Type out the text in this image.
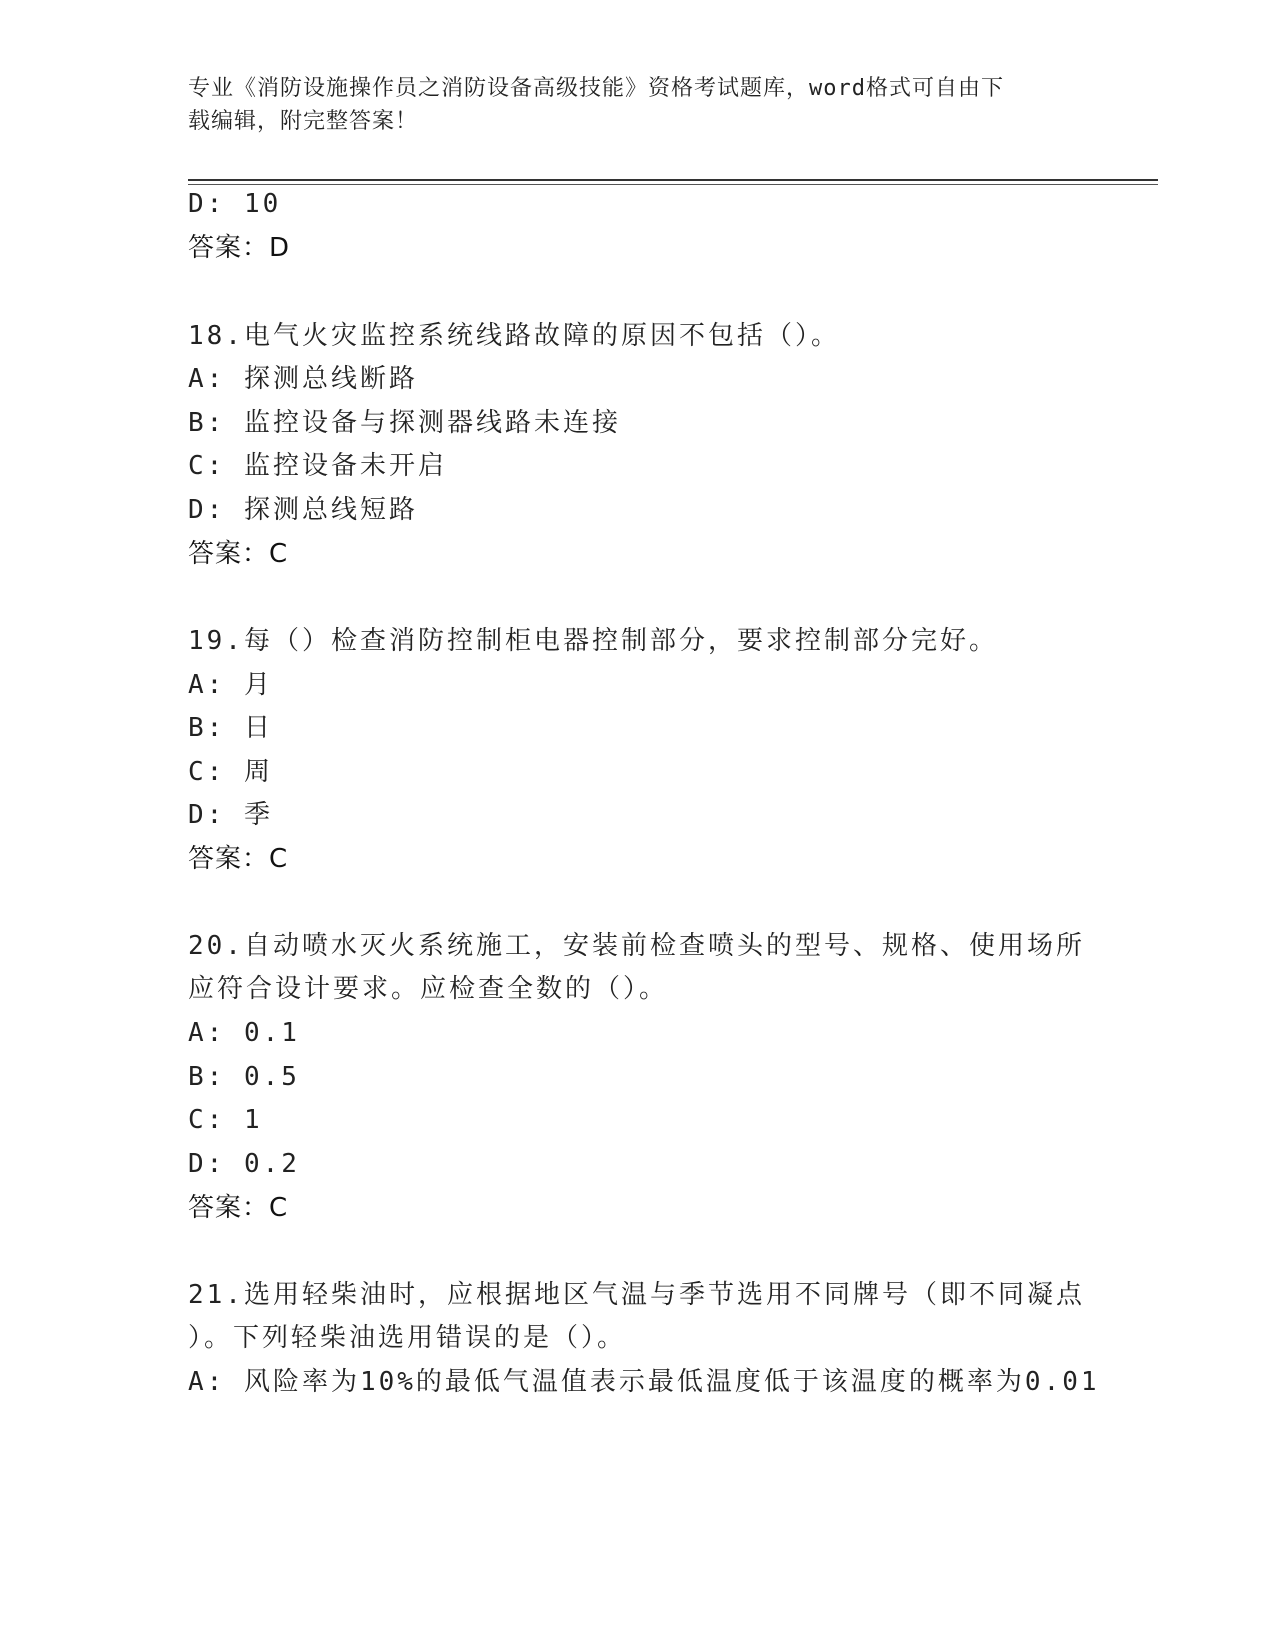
专业《消防设施操作员之消防设备高级技能》资格考试题库，word格式可自由下
载编辑，附完整答案！
D: 10
答案：D
18.电气火灾监控系统线路故障的原因不包括（）。
A: 探测总线断路
B: 监控设备与探测器线路未连接
C: 监控设备未开启
D: 探测总线短路
答案：C
19.每（）检查消防控制柜电器控制部分，要求控制部分完好。
A: 月
B: 日
C: 周
D: 季
答案：C
20.自动喷水灭火系统施工，安装前检查喷头的型号、规格、使用场所
应符合设计要求。应检查全数的（）。
A: 0.1
B: 0.5
C: 1
D: 0.2
答案：C
21.选用轻柴油时，应根据地区气温与季节选用不同牌号（即不同凝点
）。下列轻柴油选用错误的是（）。
A: 风险率为10%的最低气温值表示最低温度低于该温度的概率为0.01
